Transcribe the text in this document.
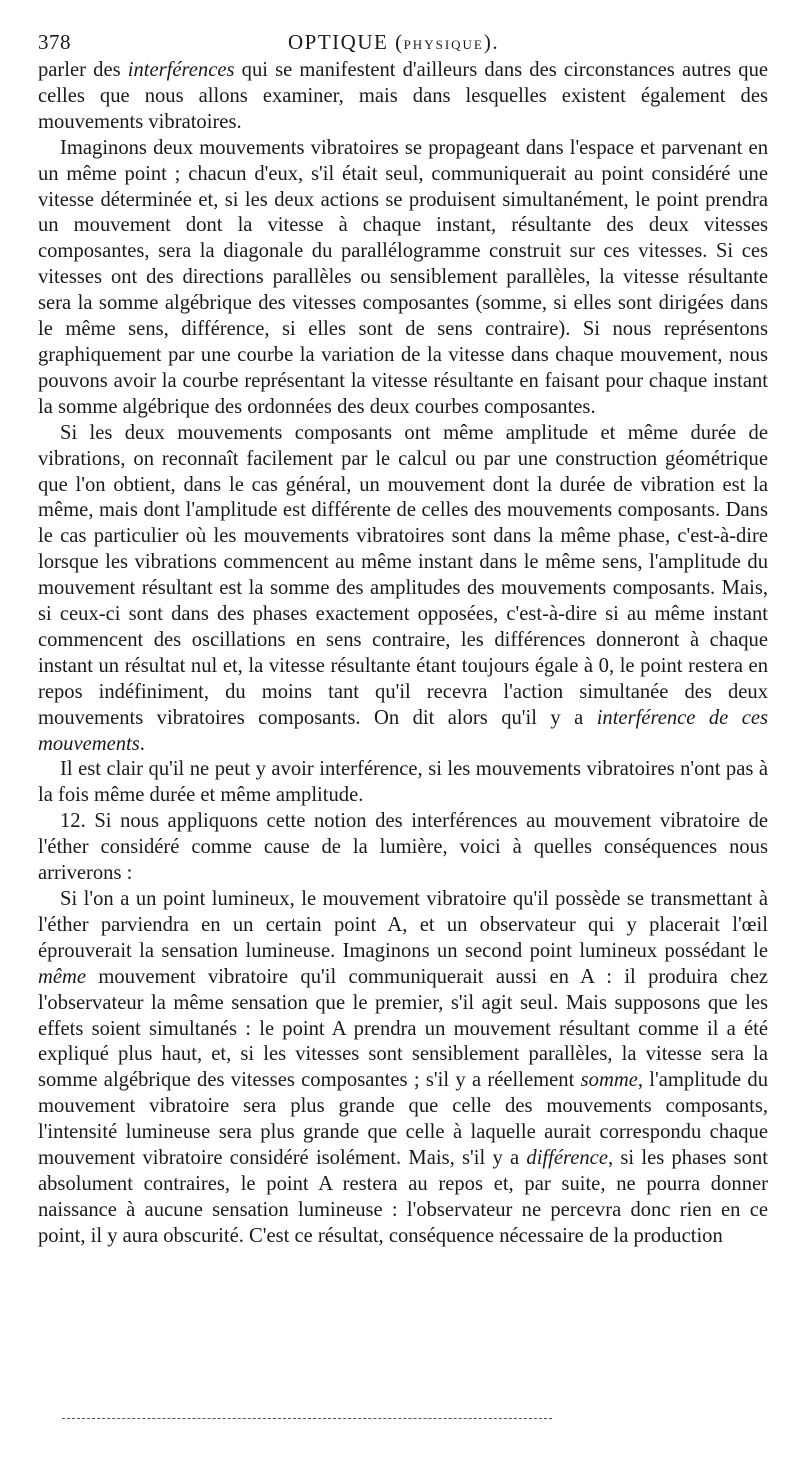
378	OPTIQUE (PHYSIQUE).

parler des interférences qui se manifestent d'ailleurs dans des circonstances autres que celles que nous allons examiner, mais dans lesquelles existent également des mouvements vibratoires.

Imaginons deux mouvements vibratoires se propageant dans l'espace et parvenant en un même point ; chacun d'eux, s'il était seul, communiquerait au point considéré une vitesse déterminée et, si les deux actions se produisent simultanément, le point prendra un mouvement dont la vitesse à chaque instant, résultante des deux vitesses composantes, sera la diagonale du parallélogramme construit sur ces vitesses. Si ces vitesses ont des directions parallèles ou sensiblement parallèles, la vitesse résultante sera la somme algébrique des vitesses composantes (somme, si elles sont dirigées dans le même sens, différence, si elles sont de sens contraire). Si nous représentons graphiquement par une courbe la variation de la vitesse dans chaque mouvement, nous pouvons avoir la courbe représentant la vitesse résultante en faisant pour chaque instant la somme algébrique des ordonnées des deux courbes composantes.

Si les deux mouvements composants ont même amplitude et même durée de vibrations, on reconnaît facilement par le calcul ou par une construction géométrique que l'on obtient, dans le cas général, un mouvement dont la durée de vibration est la même, mais dont l'amplitude est différente de celles des mouvements composants. Dans le cas particulier où les mouvements vibratoires sont dans la même phase, c'est-à-dire lorsque les vibrations commencent au même instant dans le même sens, l'amplitude du mouvement résultant est la somme des amplitudes des mouvements composants. Mais, si ceux-ci sont dans des phases exactement opposées, c'est-à-dire si au même instant commencent des oscillations en sens contraire, les différences donneront à chaque instant un résultat nul et, la vitesse résultante étant toujours égale à 0, le point restera en repos indéfiniment, du moins tant qu'il recevra l'action simultanée des deux mouvements vibratoires composants. On dit alors qu'il y a interférence de ces mouvements.

Il est clair qu'il ne peut y avoir interférence, si les mouvements vibratoires n'ont pas à la fois même durée et même amplitude.

12. Si nous appliquons cette notion des interférences au mouvement vibratoire de l'éther considéré comme cause de la lumière, voici à quelles conséquences nous arriverons :

Si l'on a un point lumineux, le mouvement vibratoire qu'il possède se transmettant à l'éther parviendra en un certain point A, et un observateur qui y placerait l'œil éprouverait la sensation lumineuse. Imaginons un second point lumineux possédant le même mouvement vibratoire qu'il communiquerait aussi en A : il produira chez l'observateur la même sensation que le premier, s'il agit seul. Mais supposons que les effets soient simultanés : le point A prendra un mouvement résultant comme il a été expliqué plus haut, et, si les vitesses sont sensiblement parallèles, la vitesse sera la somme algébrique des vitesses composantes ; s'il y a réellement somme, l'amplitude du mouvement vibratoire sera plus grande que celle des mouvements composants, l'intensité lumineuse sera plus grande que celle à laquelle aurait correspondu chaque mouvement vibratoire considéré isolément. Mais, s'il y a différence, si les phases sont absolument contraires, le point A restera au repos et, par suite, ne pourra donner naissance à aucune sensation lumineuse : l'observateur ne percevra donc rien en ce point, il y aura obscurité. C'est ce résultat, conséquence nécessaire de la production
